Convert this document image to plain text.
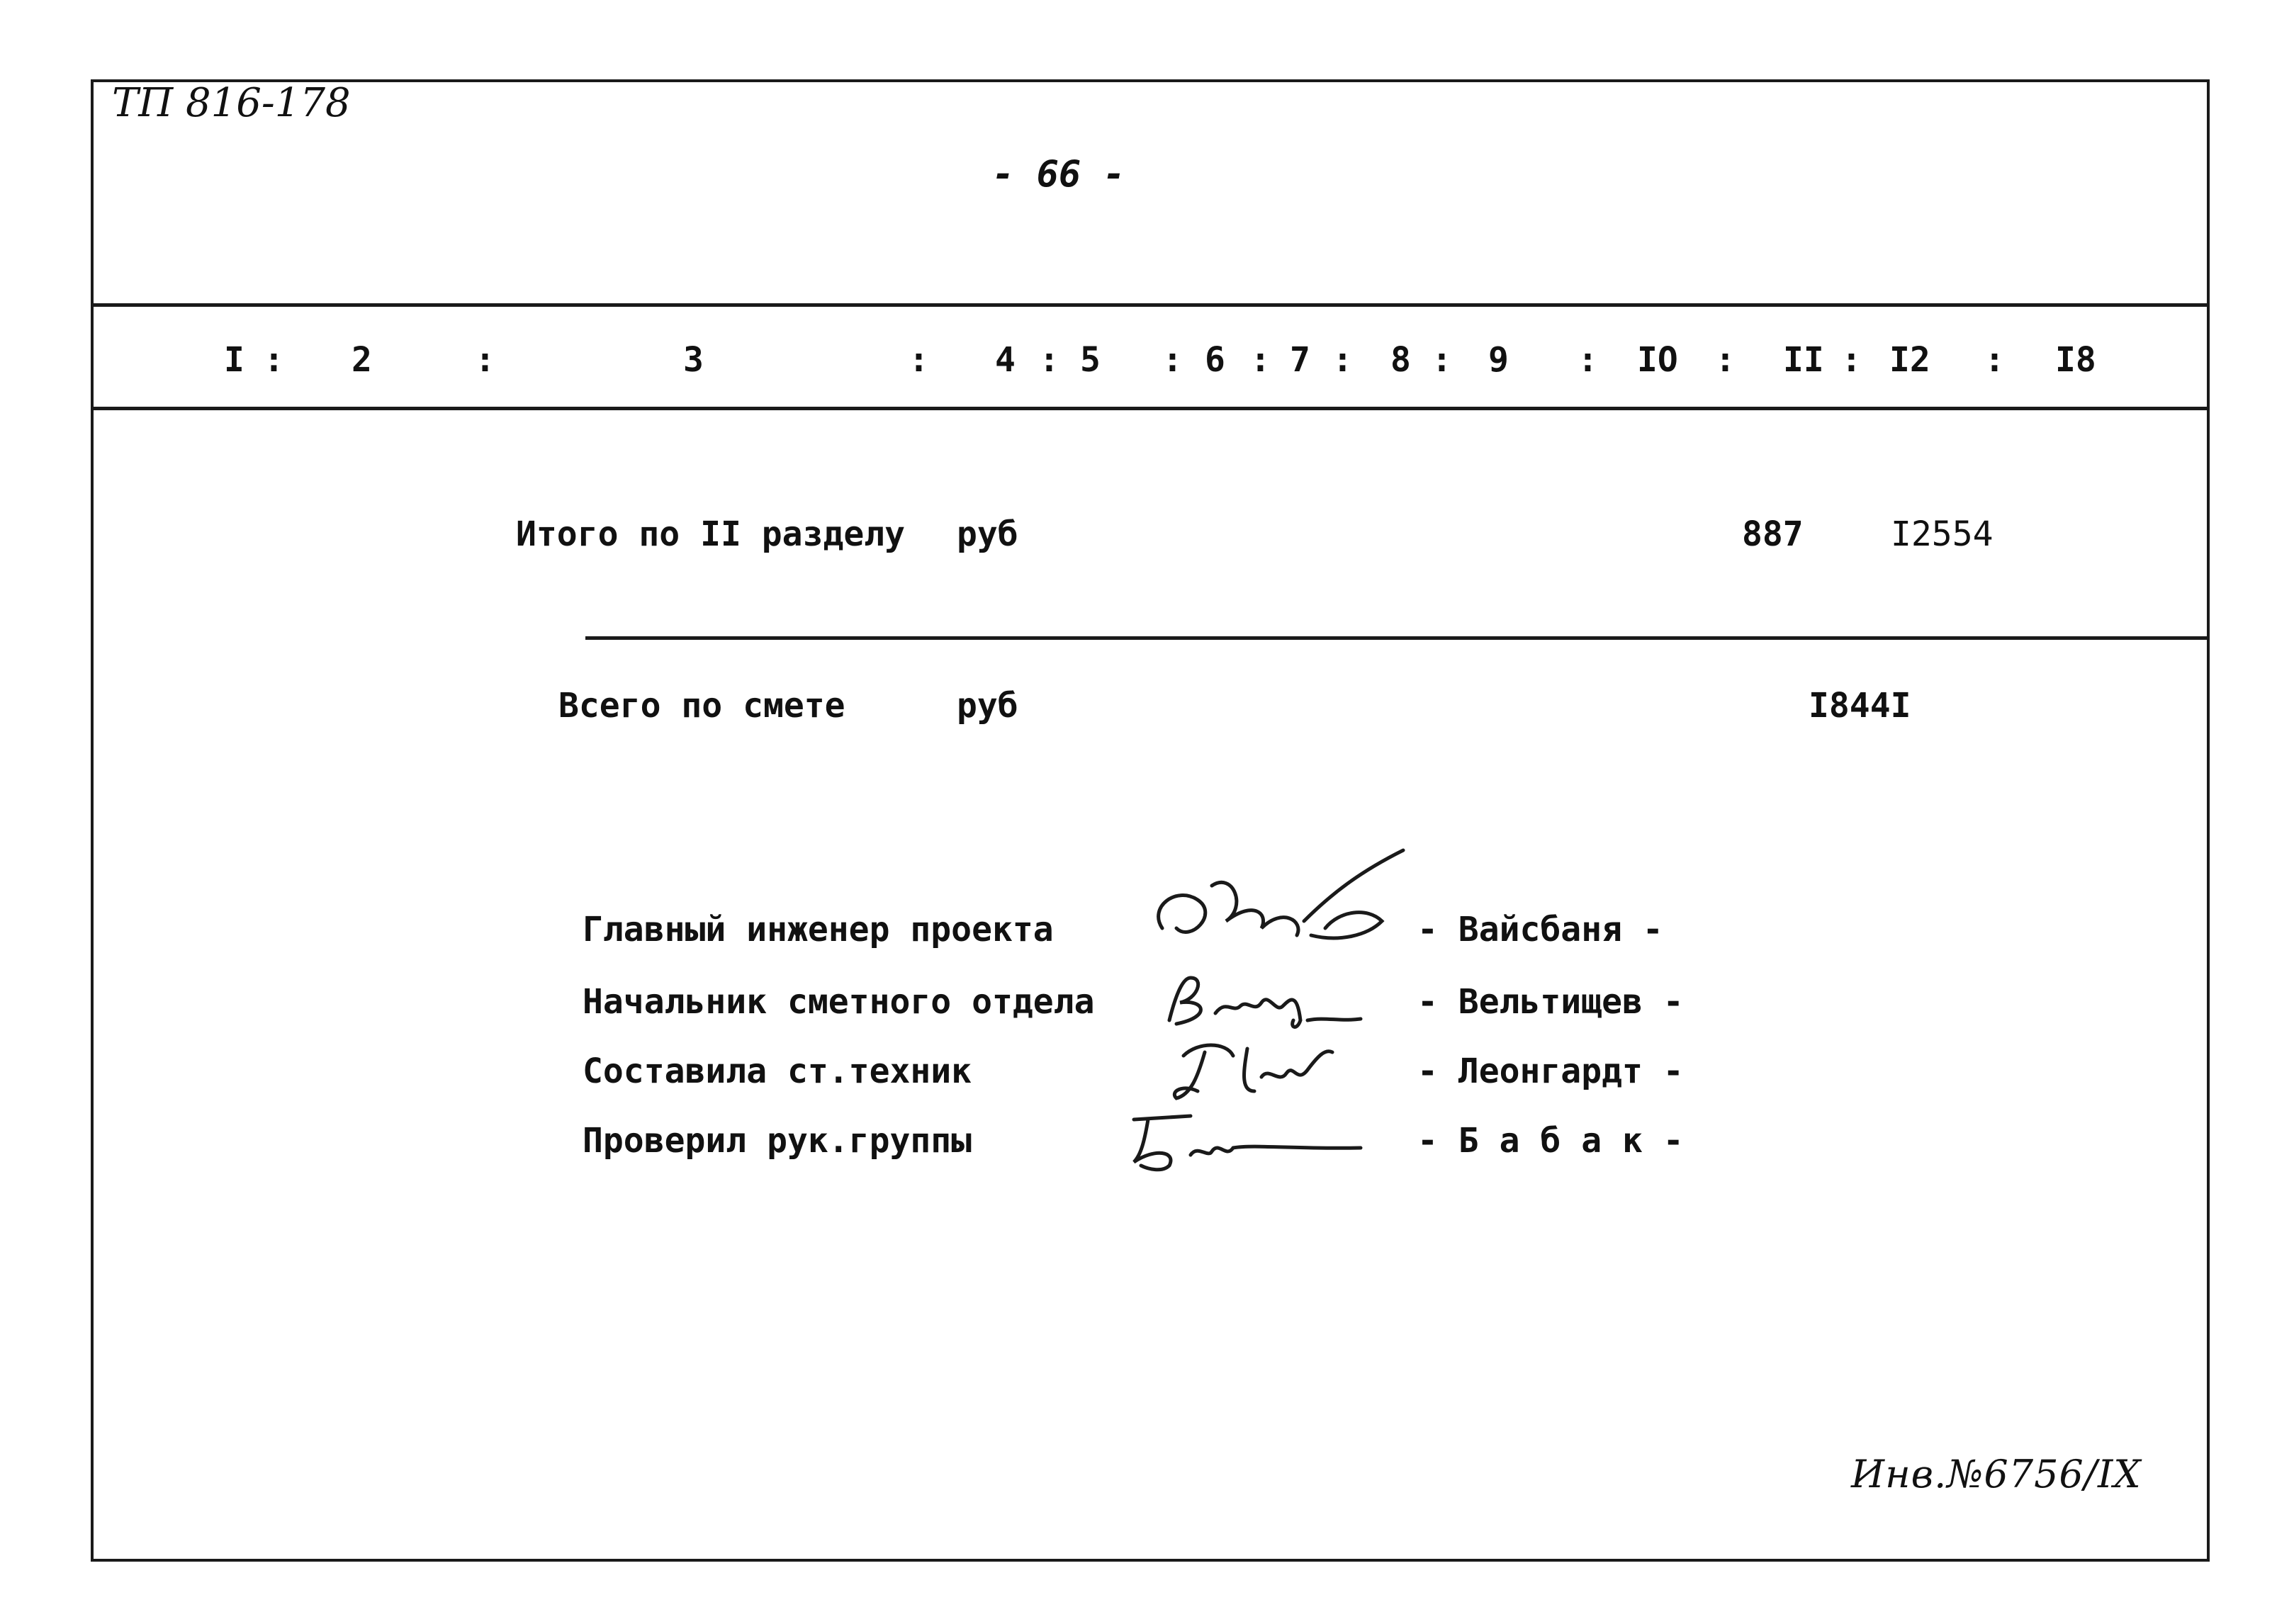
ТП 816-178
- 66 -
I : 2	:	3	: 4 : 5 : 6 : 7 : 8 : 9 : IO : II : I2 : I8
Итого по II разделу руб	887	I2554
Всего по смете	руб	I844I
Главный инженер проекта	- Вайсбаня -
Начальник сметного отдела	- Вельтищев -
Составила ст.техник	- Леонгардт -
Проверил рук.группы	- Б а б а к -
Инв.№6756/IX
